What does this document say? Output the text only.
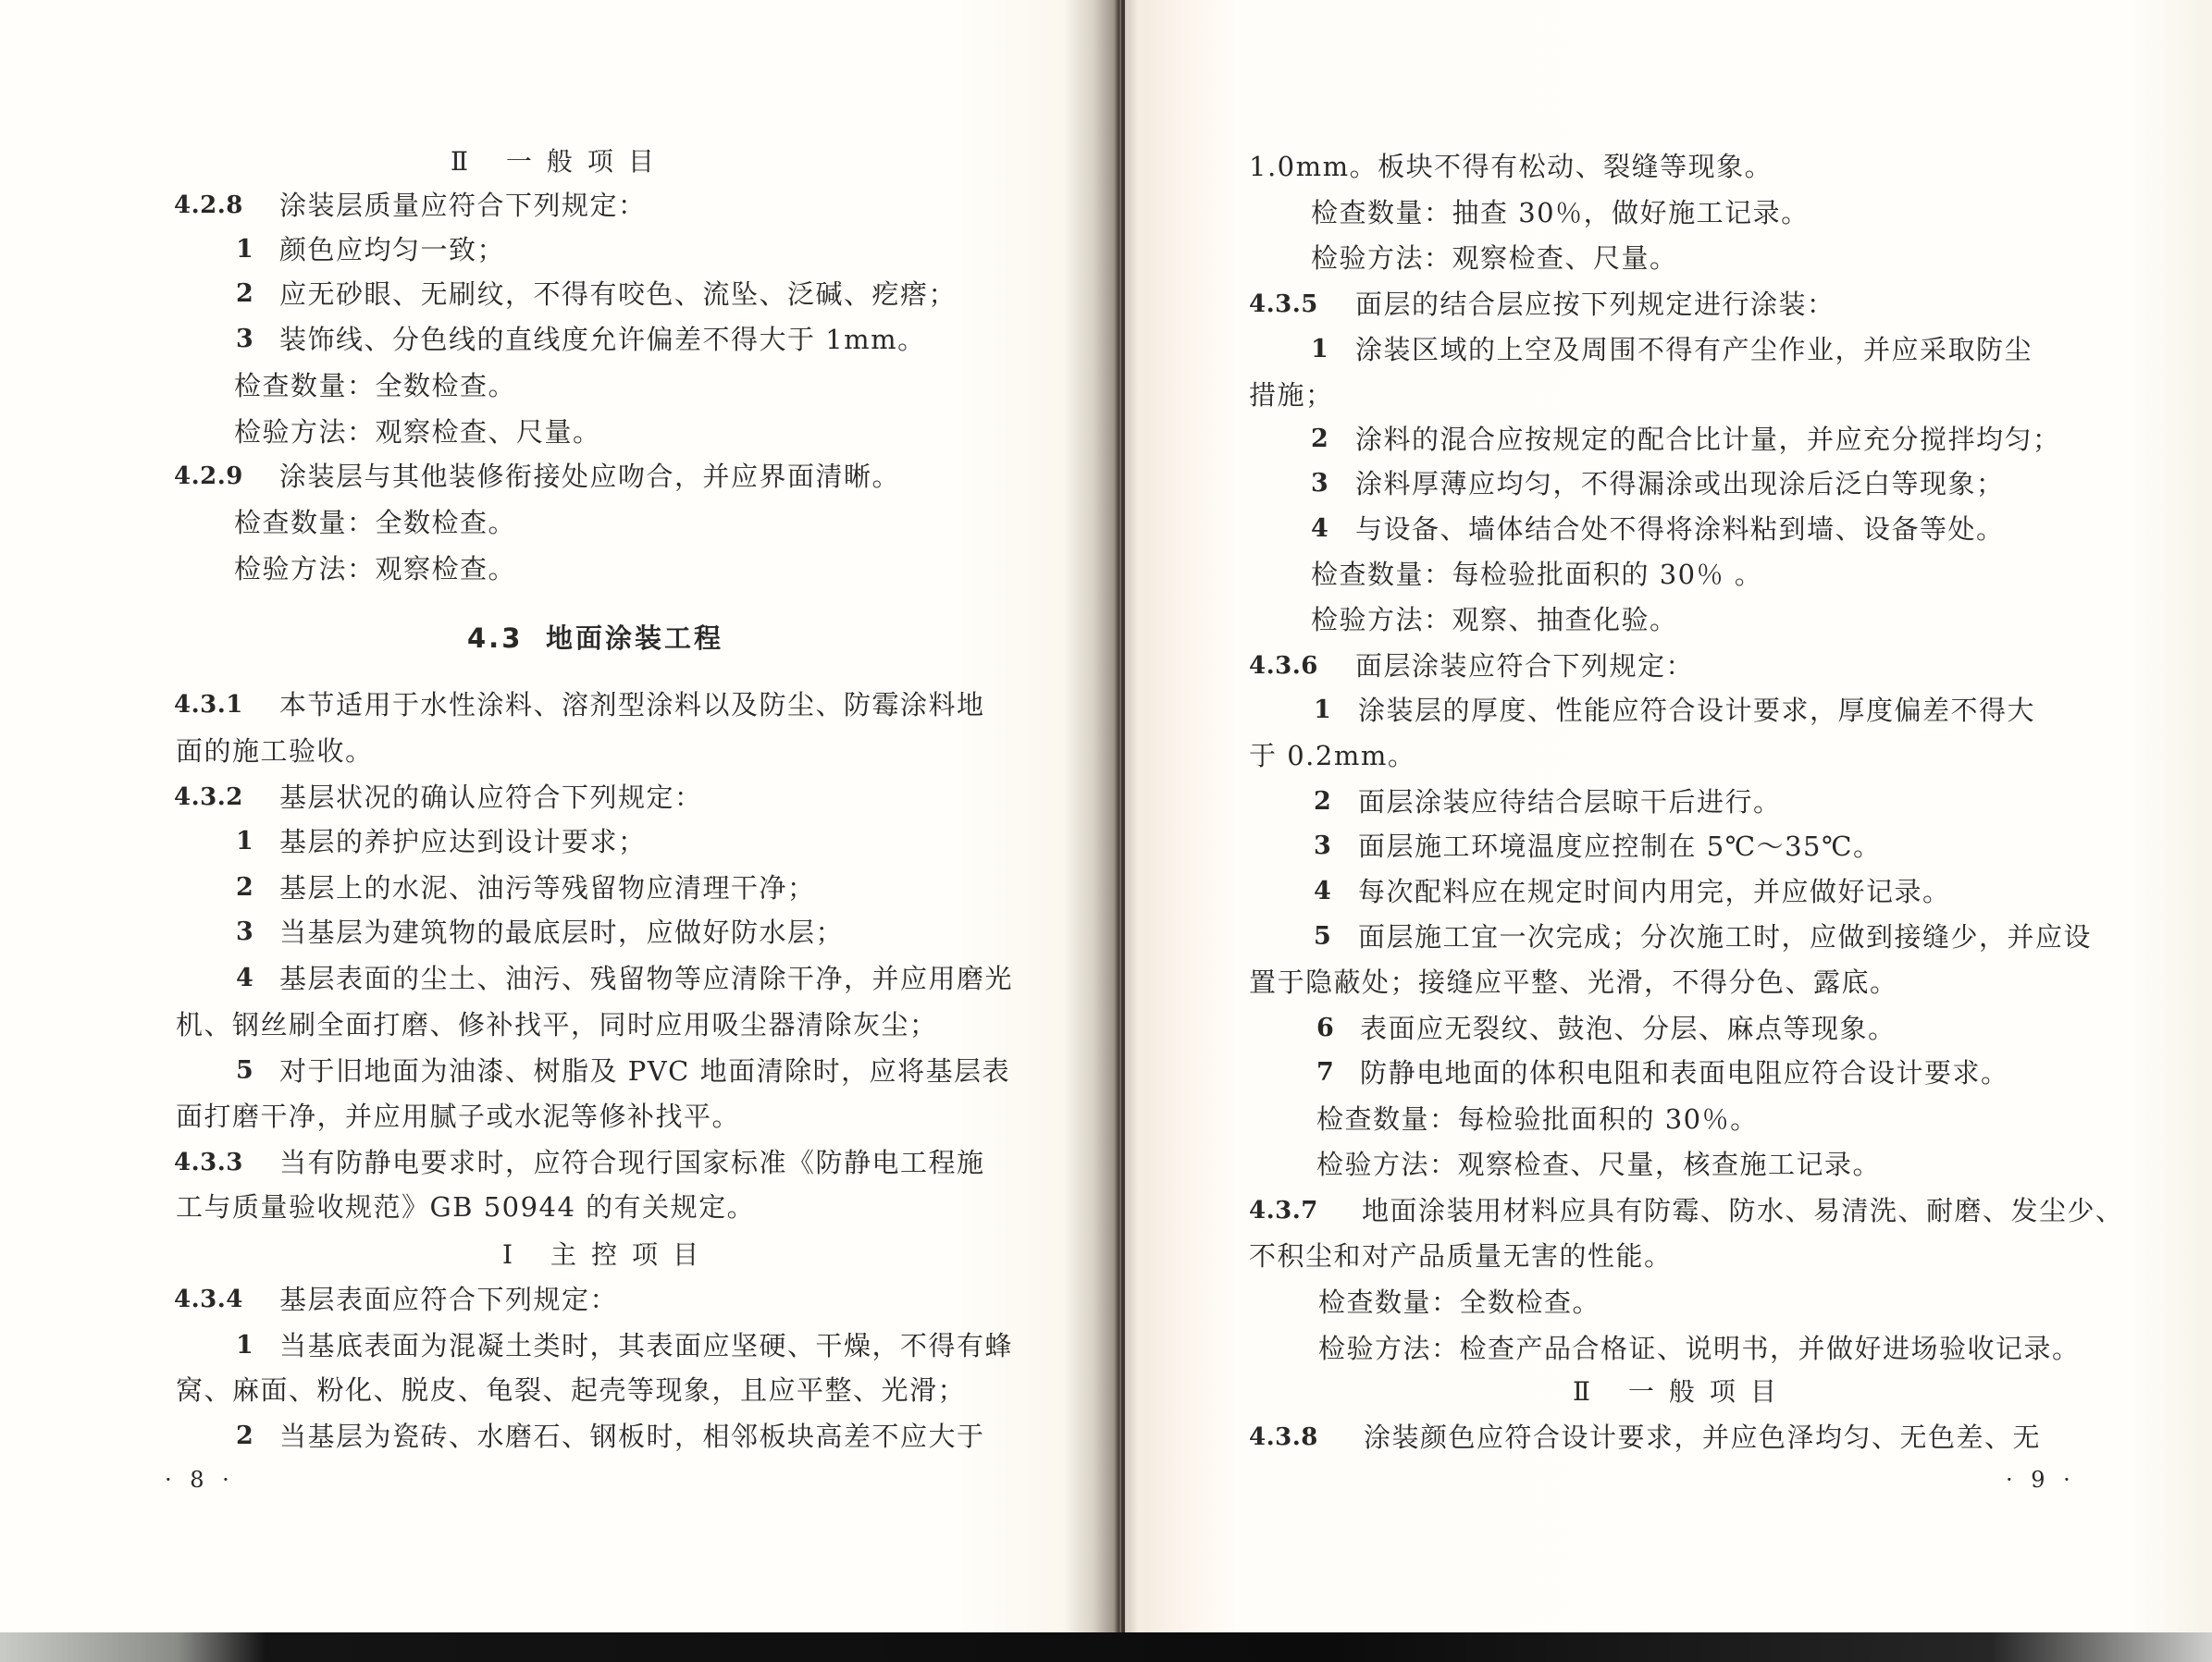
Ⅱ 一般项目
4.2.8 涂装层质量应符合下列规定：
1 颜色应均匀一致；
2 应无砂眼、无刷纹，不得有咬色、流坠、泛碱、疙瘩；
3 装饰线、分色线的直线度允许偏差不得大于 1mm。
检查数量：全数检查。
检验方法：观察检查、尺量。
4.2.9 涂装层与其他装修衔接处应吻合，并应界面清晰。
检查数量：全数检查。
检验方法：观察检查。
4.3 地面涂装工程
4.3.1 本节适用于水性涂料、溶剂型涂料以及防尘、防霉涂料地
面的施工验收。
4.3.2 基层状况的确认应符合下列规定：
1 基层的养护应达到设计要求；
2 基层上的水泥、油污等残留物应清理干净；
3 当基层为建筑物的最底层时，应做好防水层；
4 基层表面的尘土、油污、残留物等应清除干净，并应用磨光
机、钢丝刷全面打磨、修补找平，同时应用吸尘器清除灰尘；
5 对于旧地面为油漆、树脂及 PVC 地面清除时，应将基层表
面打磨干净，并应用腻子或水泥等修补找平。
4.3.3 当有防静电要求时，应符合现行国家标准《防静电工程施
工与质量验收规范》GB 50944 的有关规定。
Ⅰ 主控项目
4.3.4 基层表面应符合下列规定：
1 当基底表面为混凝土类时，其表面应坚硬、干燥，不得有蜂
窝、麻面、粉化、脱皮、龟裂、起壳等现象，且应平整、光滑；
2 当基层为瓷砖、水磨石、钢板时，相邻板块高差不应大于
· 8 ·
1.0mm。板块不得有松动、裂缝等现象。
检查数量：抽查 30％，做好施工记录。
检验方法：观察检查、尺量。
4.3.5 面层的结合层应按下列规定进行涂装：
1 涂装区域的上空及周围不得有产尘作业，并应采取防尘
措施；
2 涂料的混合应按规定的配合比计量，并应充分搅拌均匀；
3 涂料厚薄应均匀，不得漏涂或出现涂后泛白等现象；
4 与设备、墙体结合处不得将涂料粘到墙、设备等处。
检查数量：每检验批面积的 30％ 。
检验方法：观察、抽查化验。
4.3.6 面层涂装应符合下列规定：
1 涂装层的厚度、性能应符合设计要求，厚度偏差不得大
于 0.2mm。
2 面层涂装应待结合层晾干后进行。
3 面层施工环境温度应控制在 5℃～35℃。
4 每次配料应在规定时间内用完，并应做好记录。
5 面层施工宜一次完成；分次施工时，应做到接缝少，并应设
置于隐蔽处；接缝应平整、光滑，不得分色、露底。
6 表面应无裂纹、鼓泡、分层、麻点等现象。
7 防静电地面的体积电阻和表面电阻应符合设计要求。
检查数量：每检验批面积的 30％。
检验方法：观察检查、尺量，核查施工记录。
4.3.7 地面涂装用材料应具有防霉、防水、易清洗、耐磨、发尘少、
不积尘和对产品质量无害的性能。
检查数量：全数检查。
检验方法：检查产品合格证、说明书，并做好进场验收记录。
Ⅱ 一般项目
4.3.8 涂装颜色应符合设计要求，并应色泽均匀、无色差、无
· 9 ·
